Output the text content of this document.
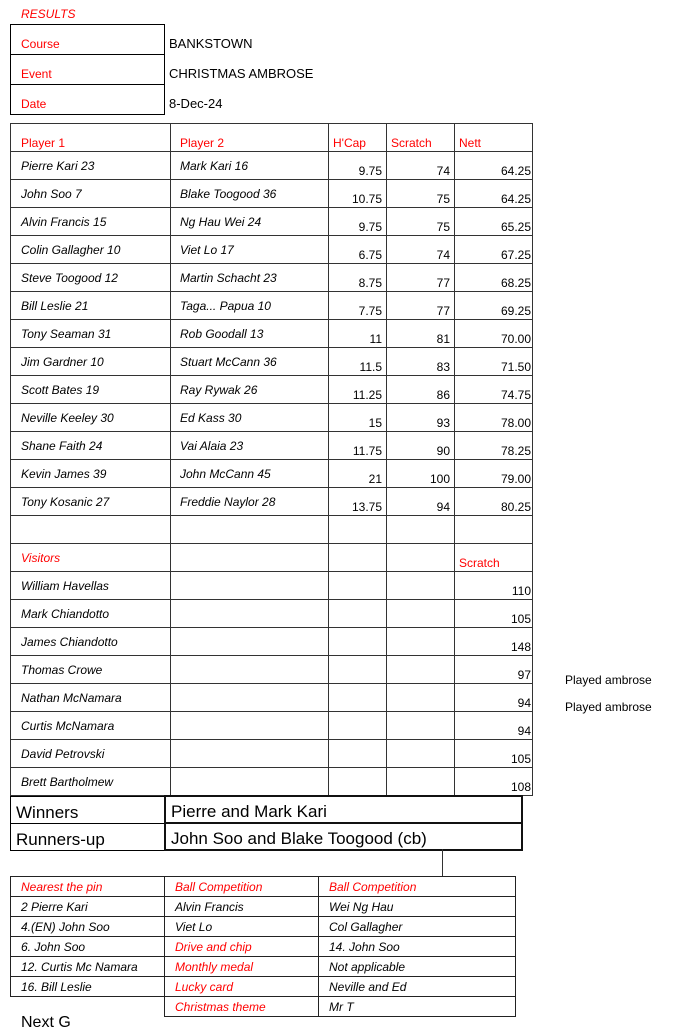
RESULTS
Course	BANKSTOWN
Event	CHRISTMAS AMBROSE
Date	8-Dec-24
Player 1	Player 2	H'Cap	Scratch	Nett
Pierre Kari 23	Mark Kari 16	9.75	74	64.25
John Soo 7	Blake Toogood 36	10.75	75	64.25
Alvin Francis 15	Ng Hau Wei 24	9.75	75	65.25
Colin Gallagher 10	Viet Lo 17	6.75	74	67.25
Steve Toogood 12	Martin Schacht 23	8.75	77	68.25
Bill Leslie 21	Taga... Papua 10	7.75	77	69.25
Tony Seaman 31	Rob Goodall 13	11	81	70.00
Jim Gardner 10	Stuart McCann 36	11.5	83	71.50
Scott Bates 19	Ray Rywak 26	11.25	86	74.75
Neville Keeley 30	Ed Kass 30	15	93	78.00
Shane Faith 24	Vai Alaia 23	11.75	90	78.25
Kevin James 39	John McCann 45	21	100	79.00
Tony Kosanic 27	Freddie Naylor 28	13.75	94	80.25

Visitors				Scratch
William Havellas				110
Mark Chiandotto				105
James Chiandotto				148
Thomas Crowe				97
Nathan McNamara				94
Curtis McNamara				94
David Petrovski				105
Brett Bartholmew				108
Played ambrose
Played ambrose
Winners	Pierre and Mark Kari
Runners-up	John Soo and Blake Toogood (cb)
Nearest the pin	Ball Competition	Ball Competition
2 Pierre Kari	Alvin Francis	Wei Ng Hau
4.(EN) John Soo	Viet Lo	Col Gallagher
6. John Soo	Drive and chip	14. John Soo
12. Curtis Mc Namara	Monthly medal	Not applicable
16. Bill Leslie	Lucky card	Neville and Ed
	Christmas theme	Mr T
Next G
